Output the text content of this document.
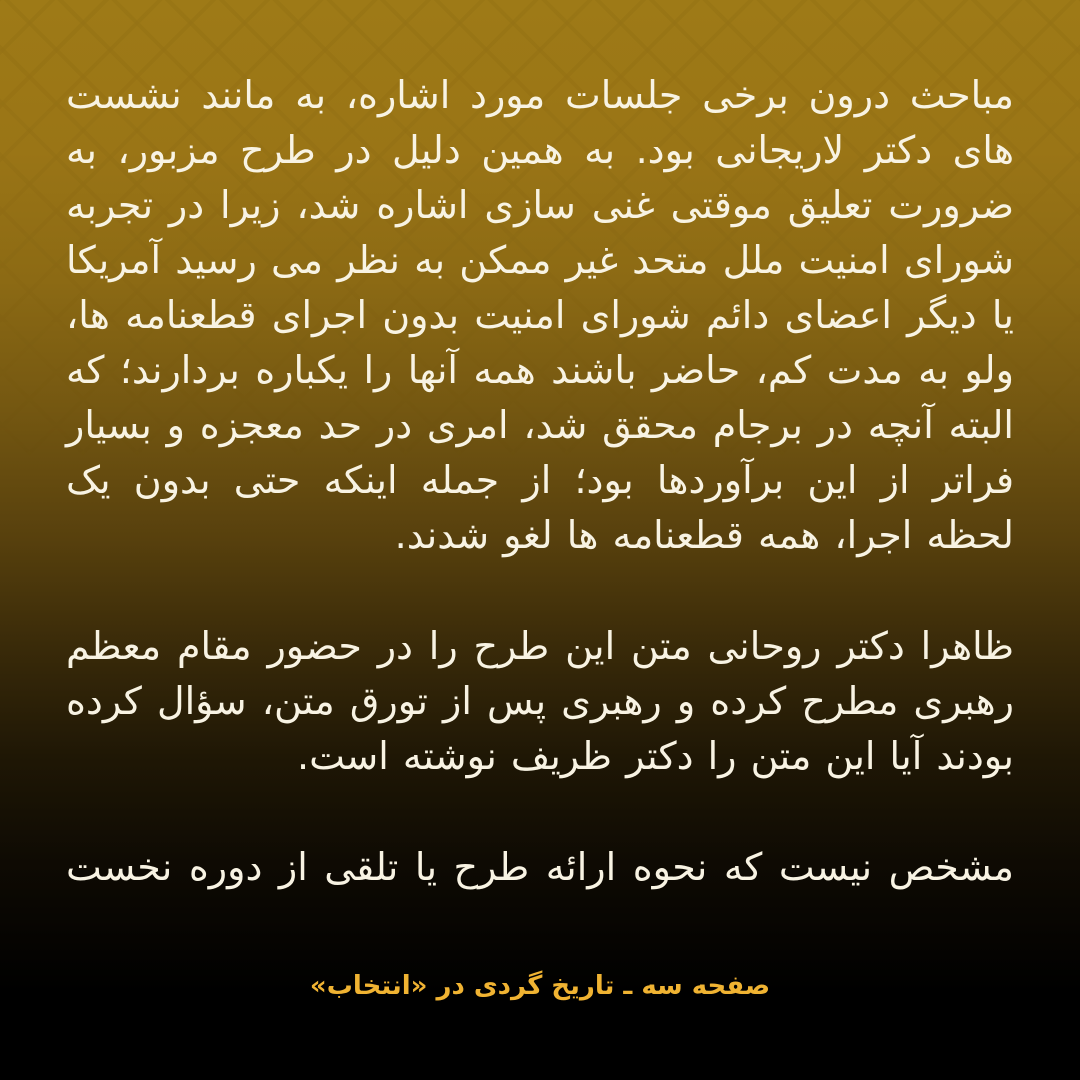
مباحث درون برخی جلسات مورد اشاره، به مانند نشست های دکتر لاریجانی بود. به همین دلیل در طرح مزبور، به ضرورت تعلیق موقتی غنی سازی اشاره شد، زیرا در تجربه شورای امنیت ملل متحد غیر ممکن به نظر می رسید آمریکا یا دیگر اعضای دائم شورای امنیت بدون اجرای قطعنامه ها، ولو به مدت کم، حاضر باشند همه آنها را یکباره بردارند؛ که البته آنچه در برجام محقق شد، امری در حد معجزه و بسیار فراتر از این برآوردها بود؛ از جمله اینکه حتی بدون یک لحظه اجرا، همه قطعنامه ها لغو شدند.

ظاهرا دکتر روحانی متن این طرح را در حضور مقام معظم رهبری مطرح کرده و رهبری پس از تورق متن، سؤال کرده بودند آیا این متن را دکتر ظریف نوشته است.

مشخص نیست که نحوه ارائه طرح یا تلقی از دوره نخست

صفحه سه ـ تاریخ گردی در «انتخاب»
